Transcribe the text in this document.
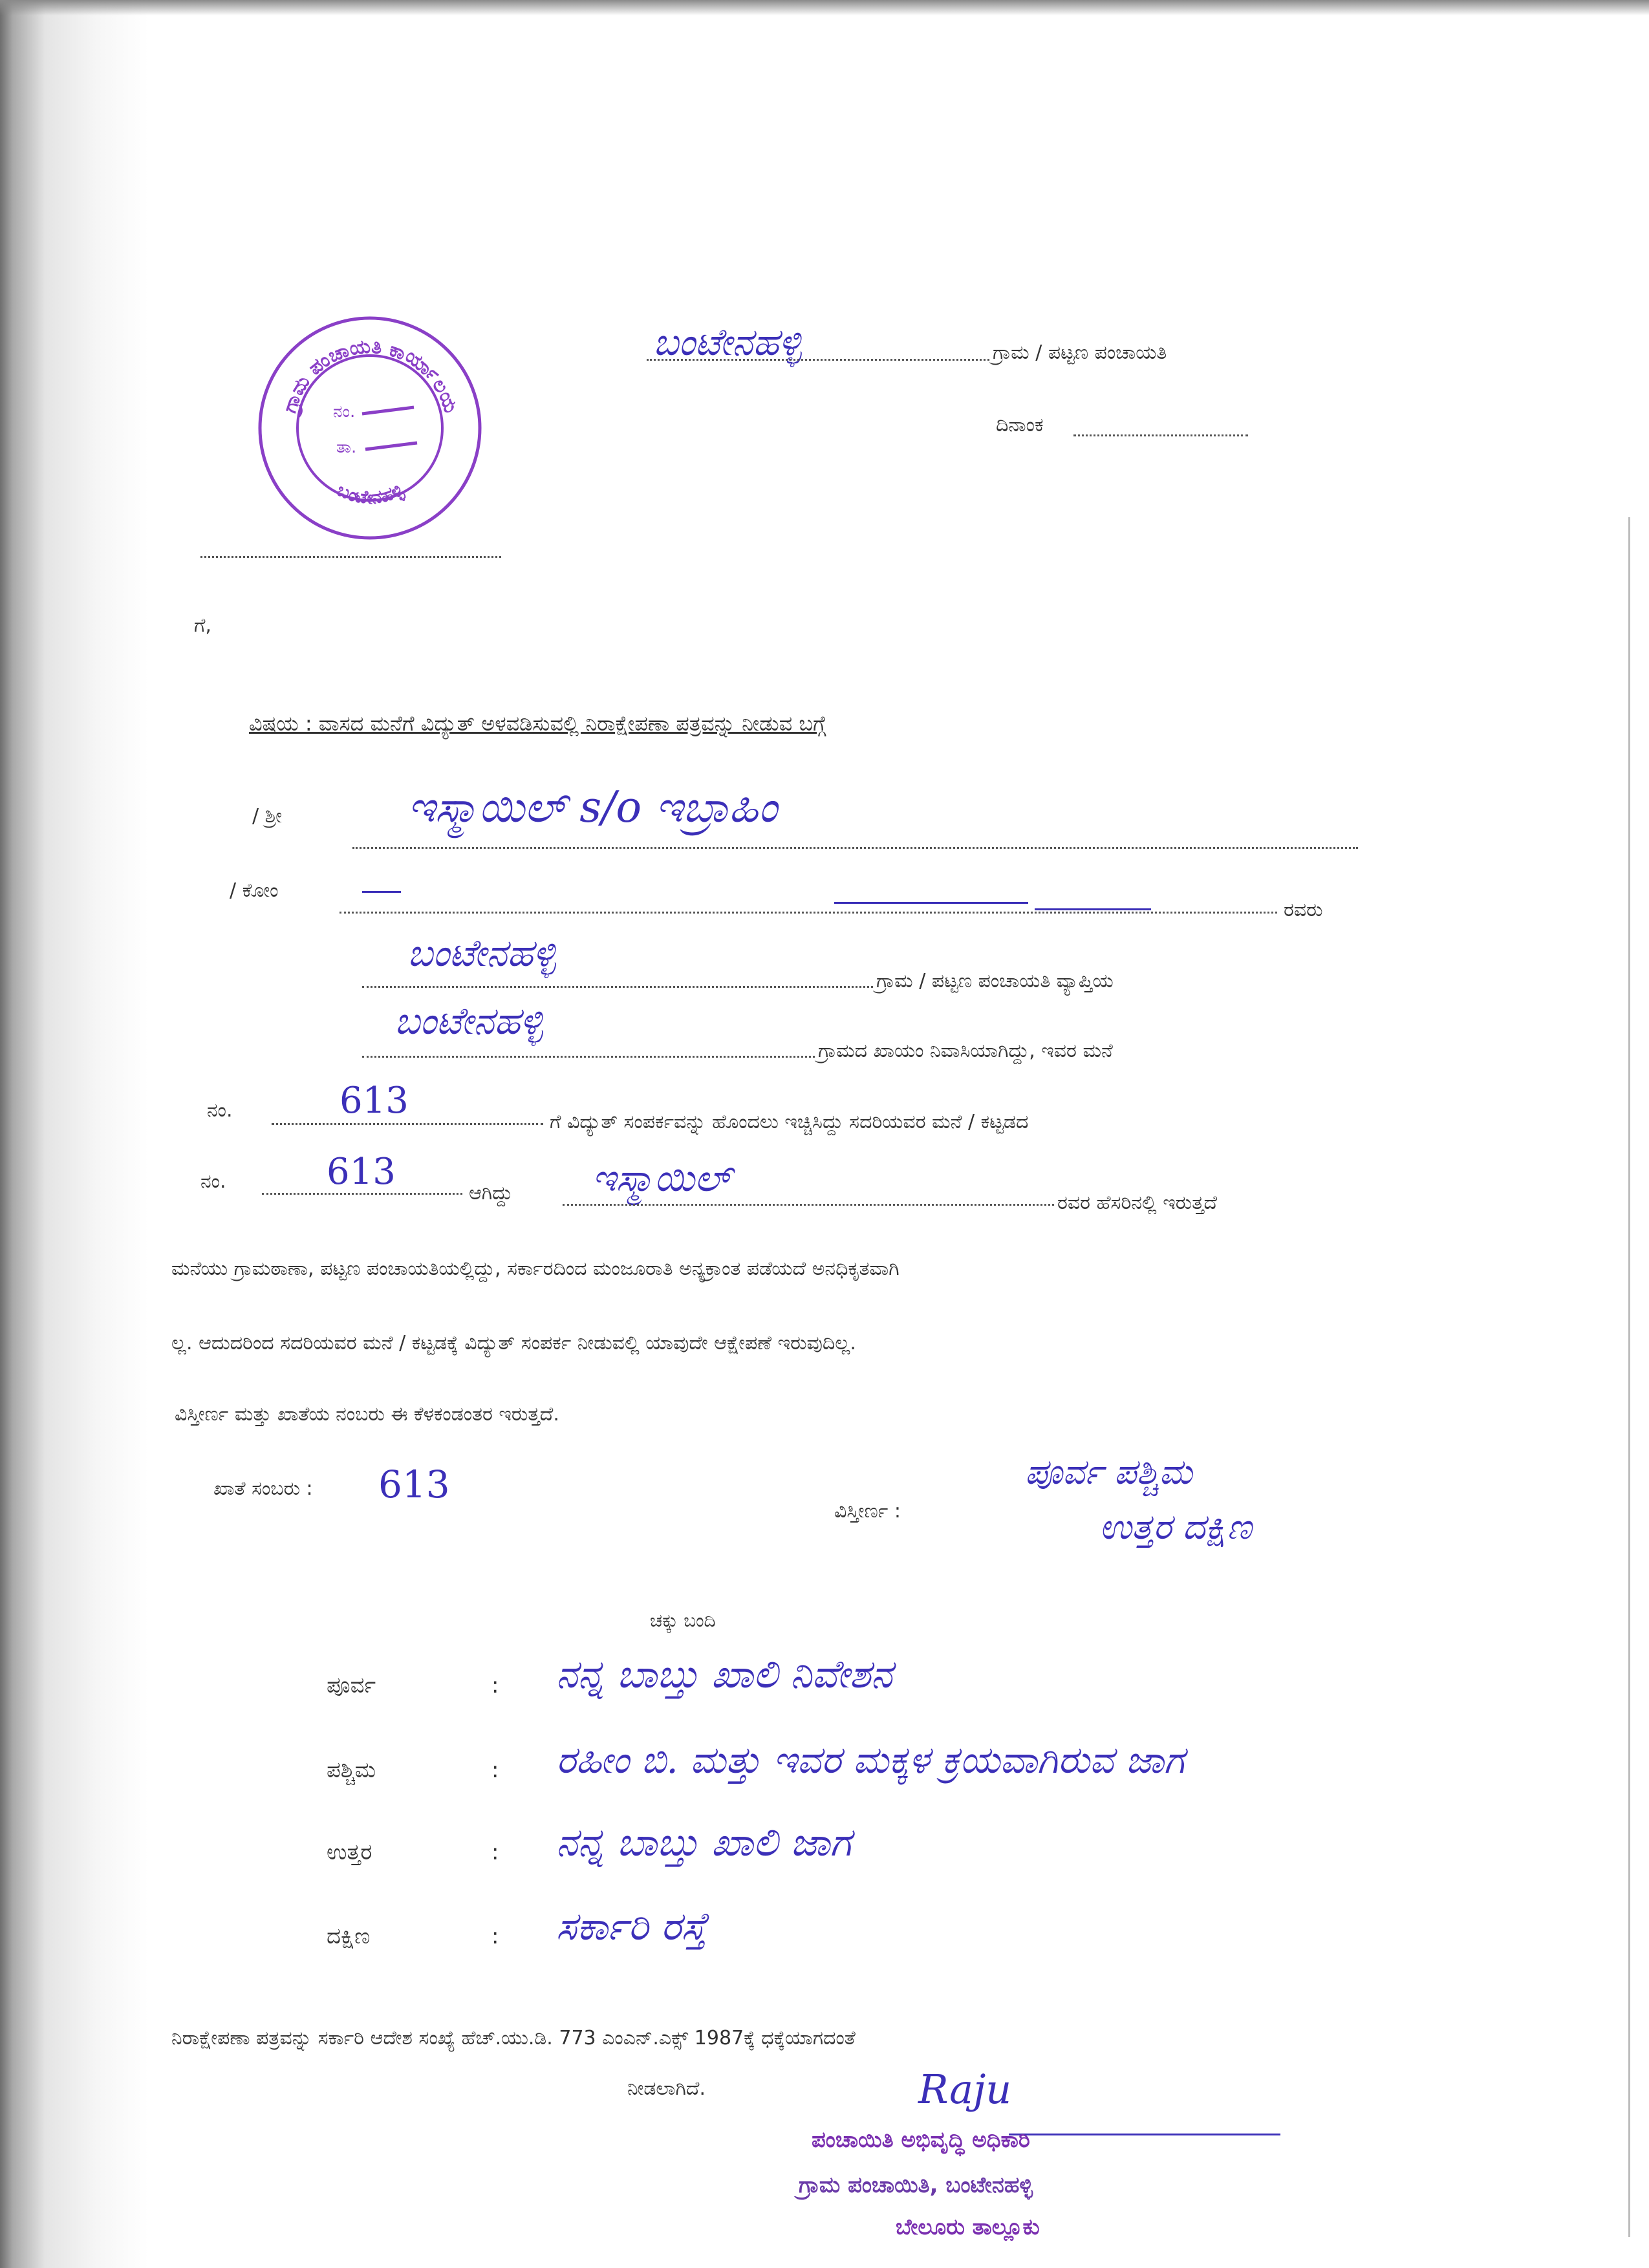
ಬಂಟೇನಹಳ್ಳಿ	ಗ್ರಾಮ / ಪಟ್ಟಣ ಪಂಚಾಯತಿ
ದಿನಾಂಕ
ಗ್ರಾಮ ಪಂಚಾಯತಿ ಕಾರ್ಯಾಲಯ
ನಂ.
ತಾ.
ಬಂಟೇನಹಳ್ಳಿ
ಗೆ,
ವಿಷಯ : ವಾಸದ ಮನೆಗೆ ವಿದ್ಯುತ್ ಅಳವಡಿಸುವಲ್ಲಿ ನಿರಾಕ್ಷೇಪಣಾ ಪತ್ರವನ್ನು ನೀಡುವ ಬಗ್ಗೆ
/ ಶ್ರೀ	ಇಸ್ಮಾಯಿಲ್ s/o ಇಬ್ರಾಹಿಂ
/ ಕೋಂ
ರವರು
ಬಂಟೇನಹಳ್ಳಿ
ಗ್ರಾಮ / ಪಟ್ಟಣ ಪಂಚಾಯತಿ ವ್ಯಾಪ್ತಿಯ
ಬಂಟೇನಹಳ್ಳಿ
ಗ್ರಾಮದ ಖಾಯಂ ನಿವಾಸಿಯಾಗಿದ್ದು, ಇವರ ಮನೆ
ನಂ.	613
ಗೆ ವಿದ್ಯುತ್ ಸಂಪರ್ಕವನ್ನು ಹೊಂದಲು ಇಚ್ಚಿಸಿದ್ದು ಸದರಿಯವರ ಮನೆ / ಕಟ್ಟಡದ
ನಂ.	613
ಆಗಿದ್ದು ಇಸ್ಮಾಯಿಲ್
ರವರ ಹೆಸರಿನಲ್ಲಿ ಇರುತ್ತದೆ
ಮನೆಯು ಗ್ರಾಮಠಾಣಾ, ಪಟ್ಟಣ ಪಂಚಾಯತಿಯಲ್ಲಿದ್ದು, ಸರ್ಕಾರದಿಂದ ಮಂಜೂರಾತಿ ಅನ್ಯಕ್ರಾಂತ ಪಡೆಯದೆ ಅನಧಿಕೃತವಾಗಿ
ಲ್ಲ. ಆದುದರಿಂದ ಸದರಿಯವರ ಮನೆ / ಕಟ್ಟಡಕ್ಕೆ ವಿದ್ಯುತ್ ಸಂಪರ್ಕ ನೀಡುವಲ್ಲಿ ಯಾವುದೇ ಆಕ್ಷೇಪಣೆ ಇರುವುದಿಲ್ಲ.
ವಿಸ್ತೀರ್ಣ ಮತ್ತು ಖಾತೆಯ ನಂಬರು ಈ ಕೆಳಕಂಡಂತರ ಇರುತ್ತದೆ.
ಖಾತೆ ಸಂಬರು : 613
ವಿಸ್ತೀರ್ಣ :
ಪೂರ್ವ ಪಶ್ಚಿಮ
ಉತ್ತರ ದಕ್ಷಿಣ
ಚಕ್ಕು ಬಂದಿ
ಪೂರ್ವ	: ನನ್ನ ಬಾಬ್ತು ಖಾಲಿ ನಿವೇಶನ
ಪಶ್ಚಿಮ	: ರಹೀಂ ಬಿ. ಮತ್ತು ಇವರ ಮಕ್ಕಳ ಕ್ರಯವಾಗಿರುವ ಜಾಗ
ಉತ್ತರ	: ನನ್ನ ಬಾಬ್ತು ಖಾಲಿ ಜಾಗ
ದಕ್ಷಿಣ	: ಸರ್ಕಾರಿ ರಸ್ತೆ
ನಿರಾಕ್ಷೇಪಣಾ ಪತ್ರವನ್ನು ಸರ್ಕಾರಿ ಆದೇಶ ಸಂಖ್ಯೆ ಹೆಚ್.ಯು.ಡಿ. 773 ಎಂಎನ್.ಎಕ್ಸ್ 1987ಕ್ಕೆ ಧಕ್ಕೆಯಾಗದಂತೆ
ನೀಡಲಾಗಿದೆ.	Raju
ಪಂಚಾಯಿತಿ ಅಭಿವೃದ್ಧಿ ಅಧಿಕಾರಿ
ಗ್ರಾಮ ಪಂಚಾಯಿತಿ, ಬಂಟೇನಹಳ್ಳಿ
ಬೇಲೂರು ತಾಲ್ಲೂಕು
